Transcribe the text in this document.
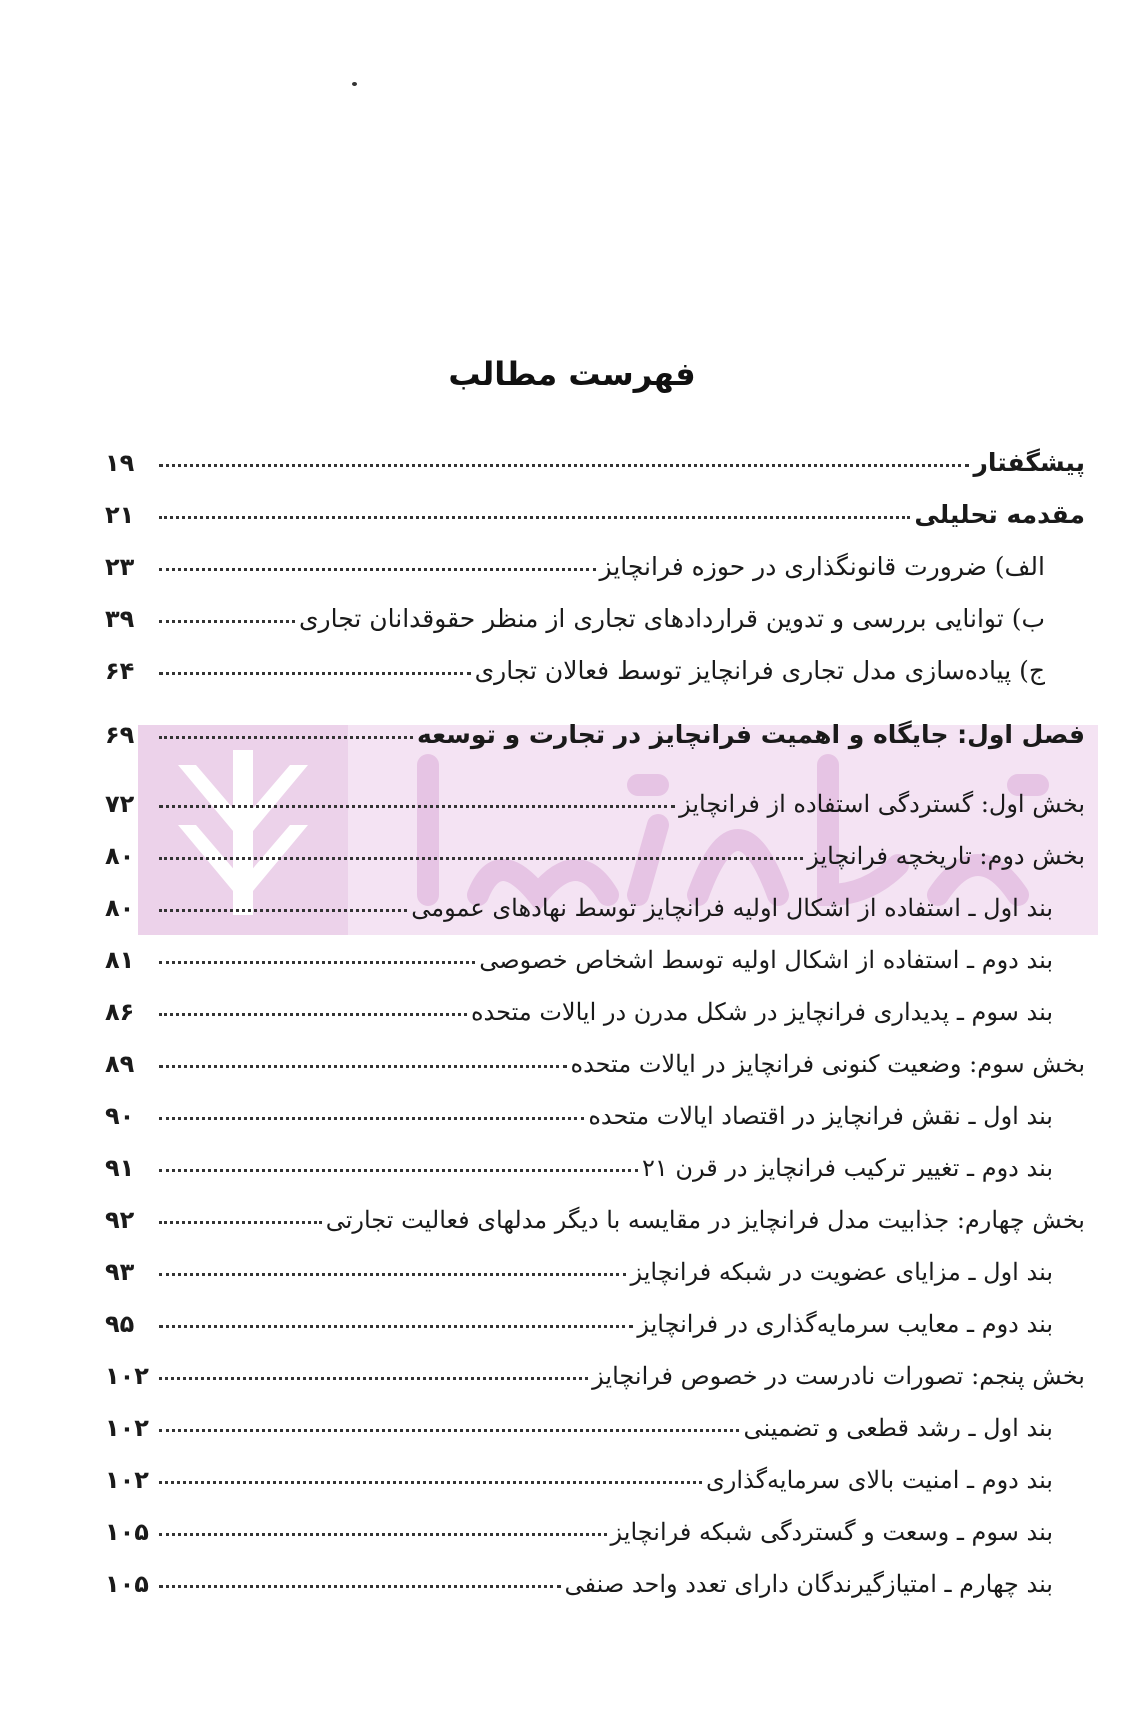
فهرست مطالب
پیشگفتار
۱۹
مقدمه تحلیلی
۲۱
الف) ضرورت قانونگذاری در حوزه فرانچایز
۲۳
ب) توانایی بررسی و تدوین قراردادهای تجاری از منظر حقوقدانان تجاری
۳۹
ج) پیاده‌سازی مدل تجاری فرانچایز توسط فعالان تجاری
۶۴
فصل اول: جایگاه و اهمیت فرانچایز در تجارت و توسعه
۶۹
بخش اول: گستردگی استفاده از فرانچایز
۷۲
بخش دوم: تاریخچه فرانچایز
۸۰
بند اول ـ استفاده از اشکال اولیه فرانچایز توسط نهادهای عمومی
۸۰
بند دوم ـ استفاده از اشکال اولیه توسط اشخاص خصوصی
۸۱
بند سوم ـ پدیداری فرانچایز در شکل مدرن در ایالات متحده
۸۶
بخش سوم: وضعیت کنونی فرانچایز در ایالات متحده
۸۹
بند اول ـ نقش فرانچایز در اقتصاد ایالات متحده
۹۰
بند دوم ـ تغییر ترکیب فرانچایز در قرن ۲۱
۹۱
بخش چهارم: جذابیت مدل فرانچایز در مقایسه با دیگر مدلهای فعالیت تجارتی
۹۲
بند اول ـ مزایای عضویت در شبکه فرانچایز
۹۳
بند دوم ـ معایب سرمایه‌گذاری در فرانچایز
۹۵
بخش پنجم: تصورات نادرست در خصوص فرانچایز
۱۰۲
بند اول ـ رشد قطعی و تضمینی
۱۰۲
بند دوم ـ امنیت بالای سرمایه‌گذاری
۱۰۲
بند سوم ـ وسعت و گستردگی شبکه فرانچایز
۱۰۵
بند چهارم ـ امتیازگیرندگان دارای تعدد واحد صنفی
۱۰۵
